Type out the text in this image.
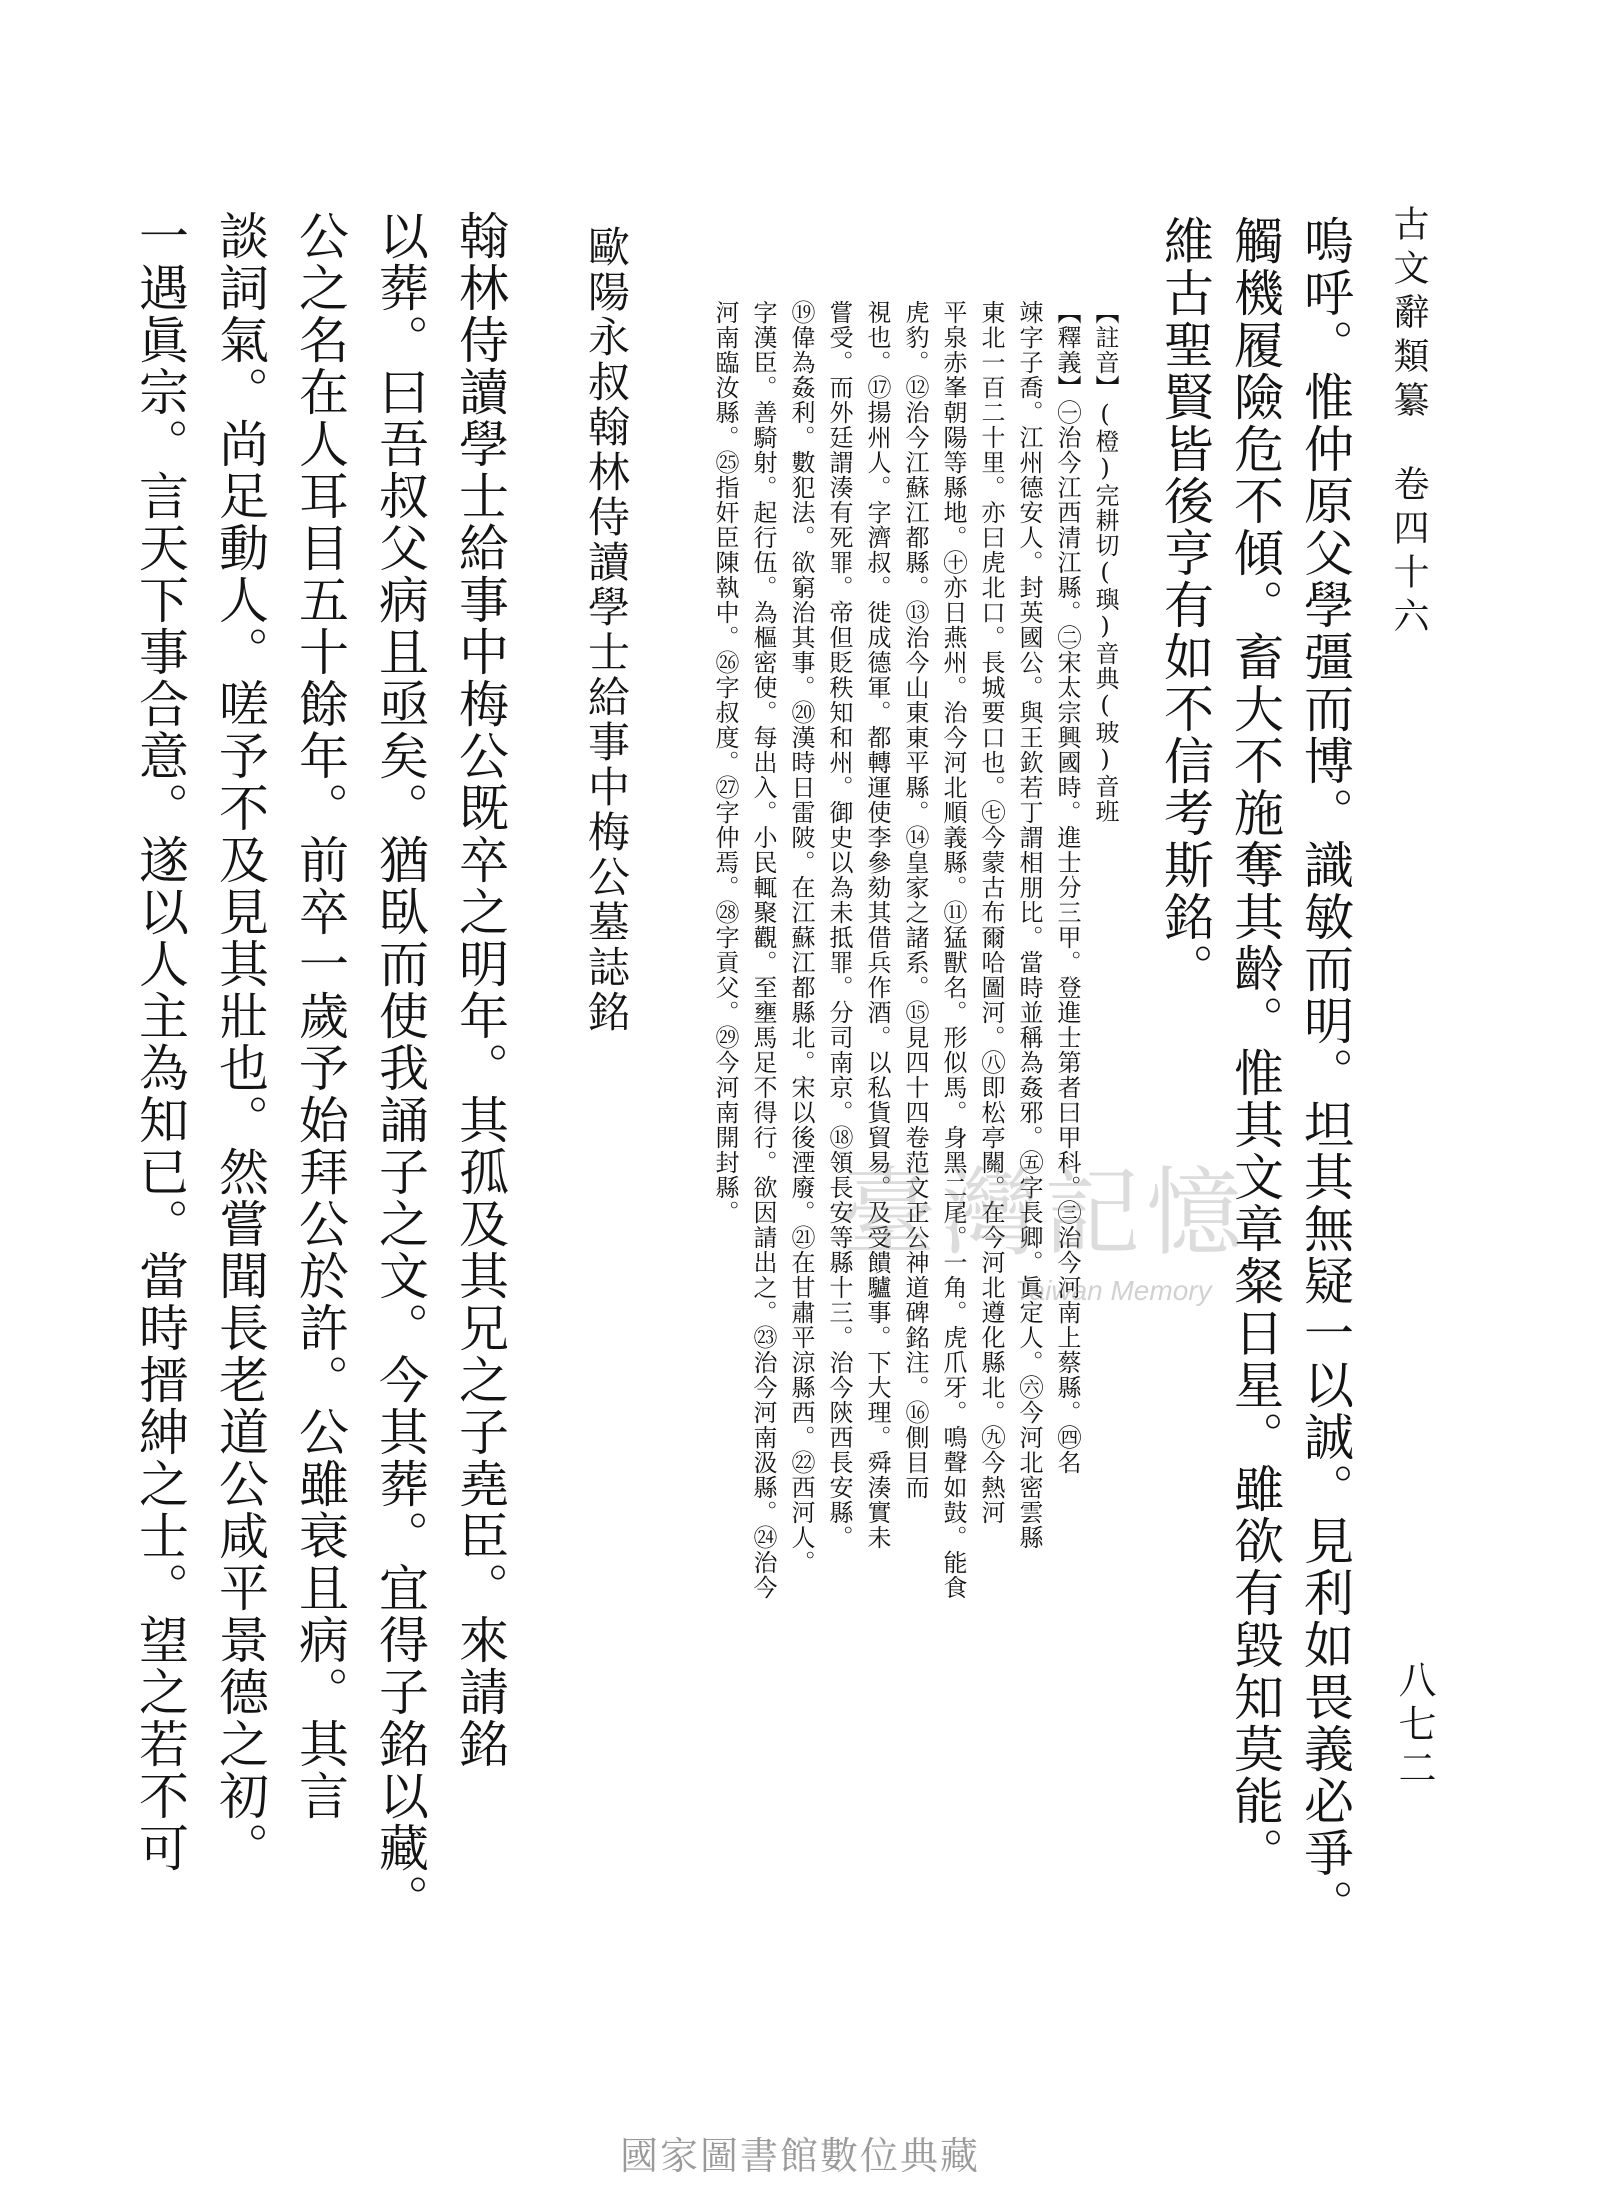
古文辭類纂卷四十六
八七二
嗚呼。惟仲原父學彊而博。識敏而明。坦其無疑一以誠。見利如畏義必爭。
觸機履險危不傾。畜大不施奪其齡。惟其文章粲日星。雖欲有毀知莫能。
維古聖賢皆後亨有如不信考斯銘。
【註音】(橙)完耕切(璵)音典(玻)音班
【釋義】㊀治今江西清江縣。㊁宋太宗興國時。進士分三甲。登進士第者曰甲科。㊂治今河南上蔡縣。㊃名
竦字子喬。江州德安人。封英國公。與王欽若丁謂相朋比。當時並稱為姦邪。㊄字長卿。眞定人。㊅今河北密雲縣
東北一百二十里。亦曰虎北口。長城要口也。㊆今蒙古布爾哈圖河。㊇即松亭關。在今河北遵化縣北。㊈今熱河
平泉赤峯朝陽等縣地。㊉亦日燕州。治今河北順義縣。⑪猛獸名。形似馬。身黑二尾。一角。虎爪牙。鳴聲如鼓。能食
虎豹。⑫治今江蘇江都縣。⑬治今山東東平縣。⑭皇家之諸系。⑮見四十四卷范文正公神道碑銘注。⑯側目而
視也。⑰揚州人。字濟叔。徙成德軍。都轉運使李參劾其借兵作酒。以私貨貿易。及受饋驢事。下大理。舜湊實未
嘗受。而外廷謂湊有死罪。帝但貶秩知和州。御史以為未抵罪。分司南京。⑱領長安等縣十三。治今陝西長安縣。
⑲偉為姦利。數犯法。欲窮治其事。⑳漢時日雷陂。在江蘇江都縣北。宋以後湮廢。㉑在甘肅平涼縣西。㉒西河人。
字漢臣。善騎射。起行伍。為樞密使。每出入。小民輒聚觀。至壅馬足不得行。欲因請出之。㉓治今河南汲縣。㉔治今
河南臨汝縣。㉕指奸臣陳執中。㉖字叔度。㉗字仲焉。㉘字貢父。㉙今河南開封縣。
歐陽永叔翰林侍讀學士給事中梅公墓誌銘
翰林侍讀學士給事中梅公既卒之明年。其孤及其兄之子堯臣。來請銘
以葬。曰吾叔父病且亟矣。猶臥而使我誦子之文。今其葬。宜得子銘以藏。
公之名在人耳目五十餘年。前卒一歲予始拜公於許。公雖衰且病。其言
談詞氣。尚足動人。嗟予不及見其壯也。然嘗聞長老道公咸平景德之初。
一遇眞宗。言天下事合意。遂以人主為知已。當時搢紳之士。望之若不可	臺灣記憶
Taiwan Memory
國家圖書館數位典藏
